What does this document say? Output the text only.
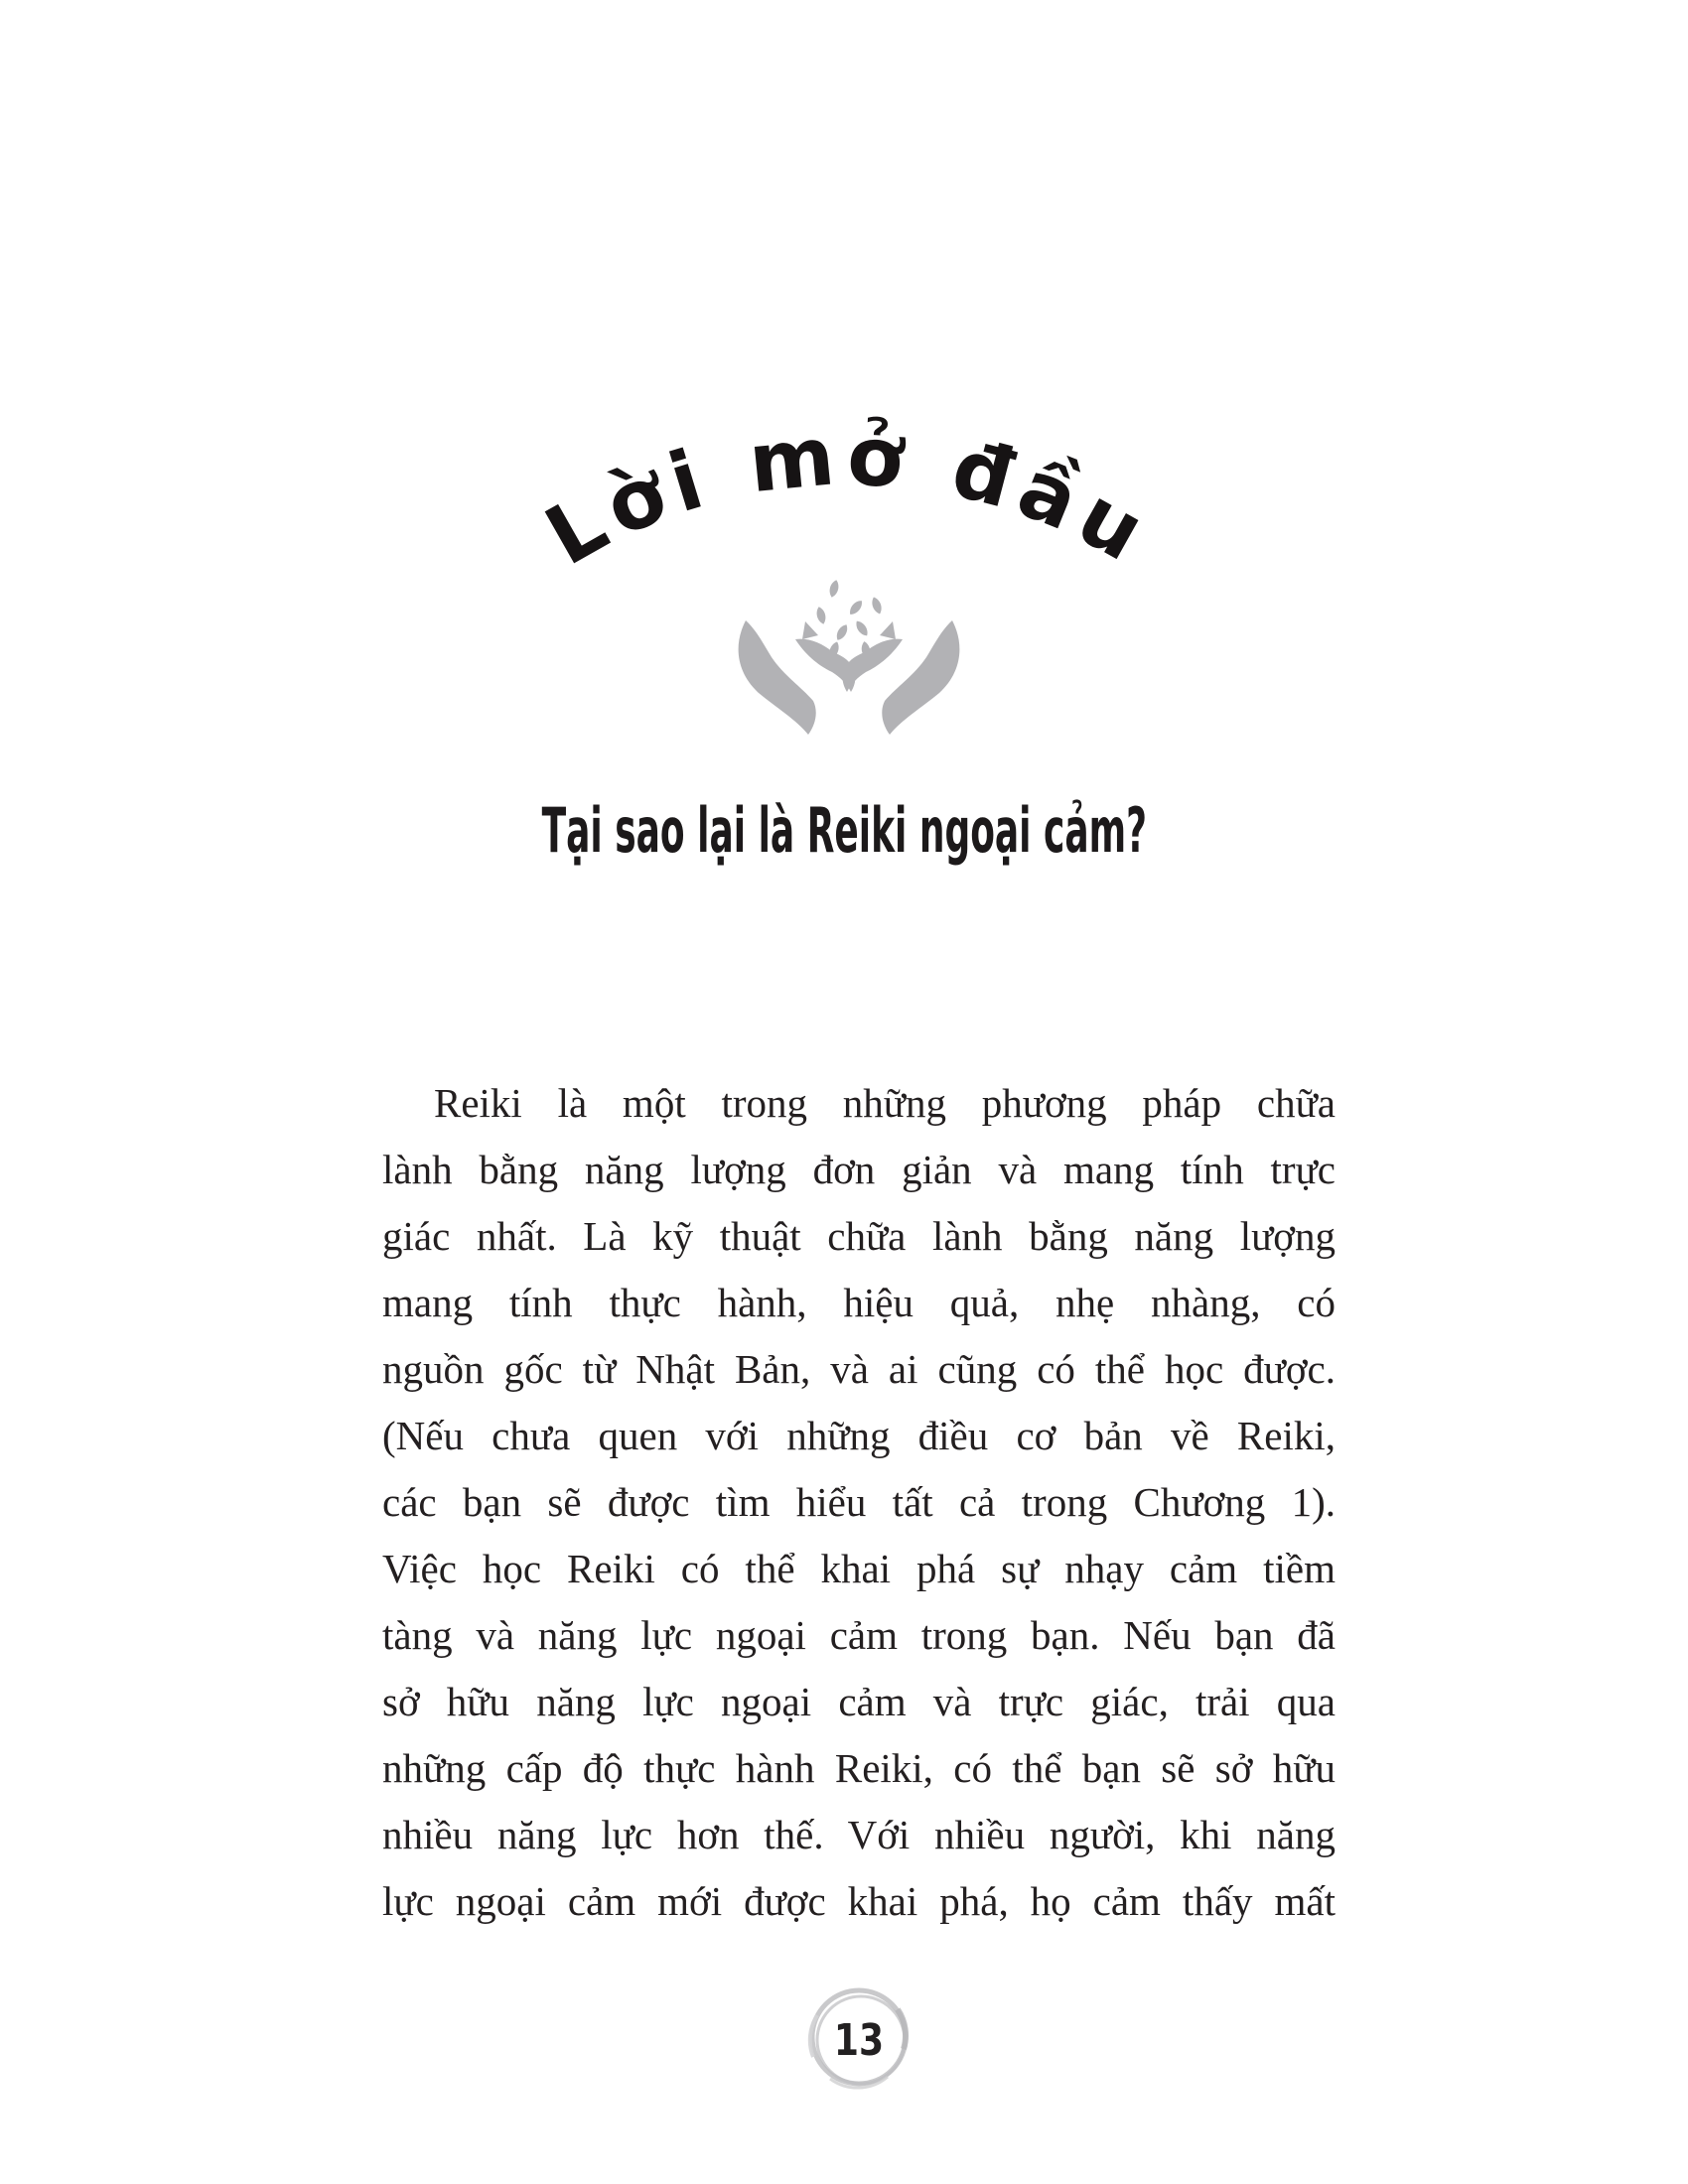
Lời mở đầu
Tại sao lại là Reiki ngoại cảm?
Reiki là một trong những phương pháp chữa
lành bằng năng lượng đơn giản và mang tính trực
giác nhất. Là kỹ thuật chữa lành bằng năng lượng
mang tính thực hành, hiệu quả, nhẹ nhàng, có
nguồn gốc từ Nhật Bản, và ai cũng có thể học được.
(Nếu chưa quen với những điều cơ bản về Reiki,
các bạn sẽ được tìm hiểu tất cả trong Chương 1).
Việc học Reiki có thể khai phá sự nhạy cảm tiềm
tàng và năng lực ngoại cảm trong bạn. Nếu bạn đã
sở hữu năng lực ngoại cảm và trực giác, trải qua
những cấp độ thực hành Reiki, có thể bạn sẽ sở hữu
nhiều năng lực hơn thế. Với nhiều người, khi năng
lực ngoại cảm mới được khai phá, họ cảm thấy mất
13
